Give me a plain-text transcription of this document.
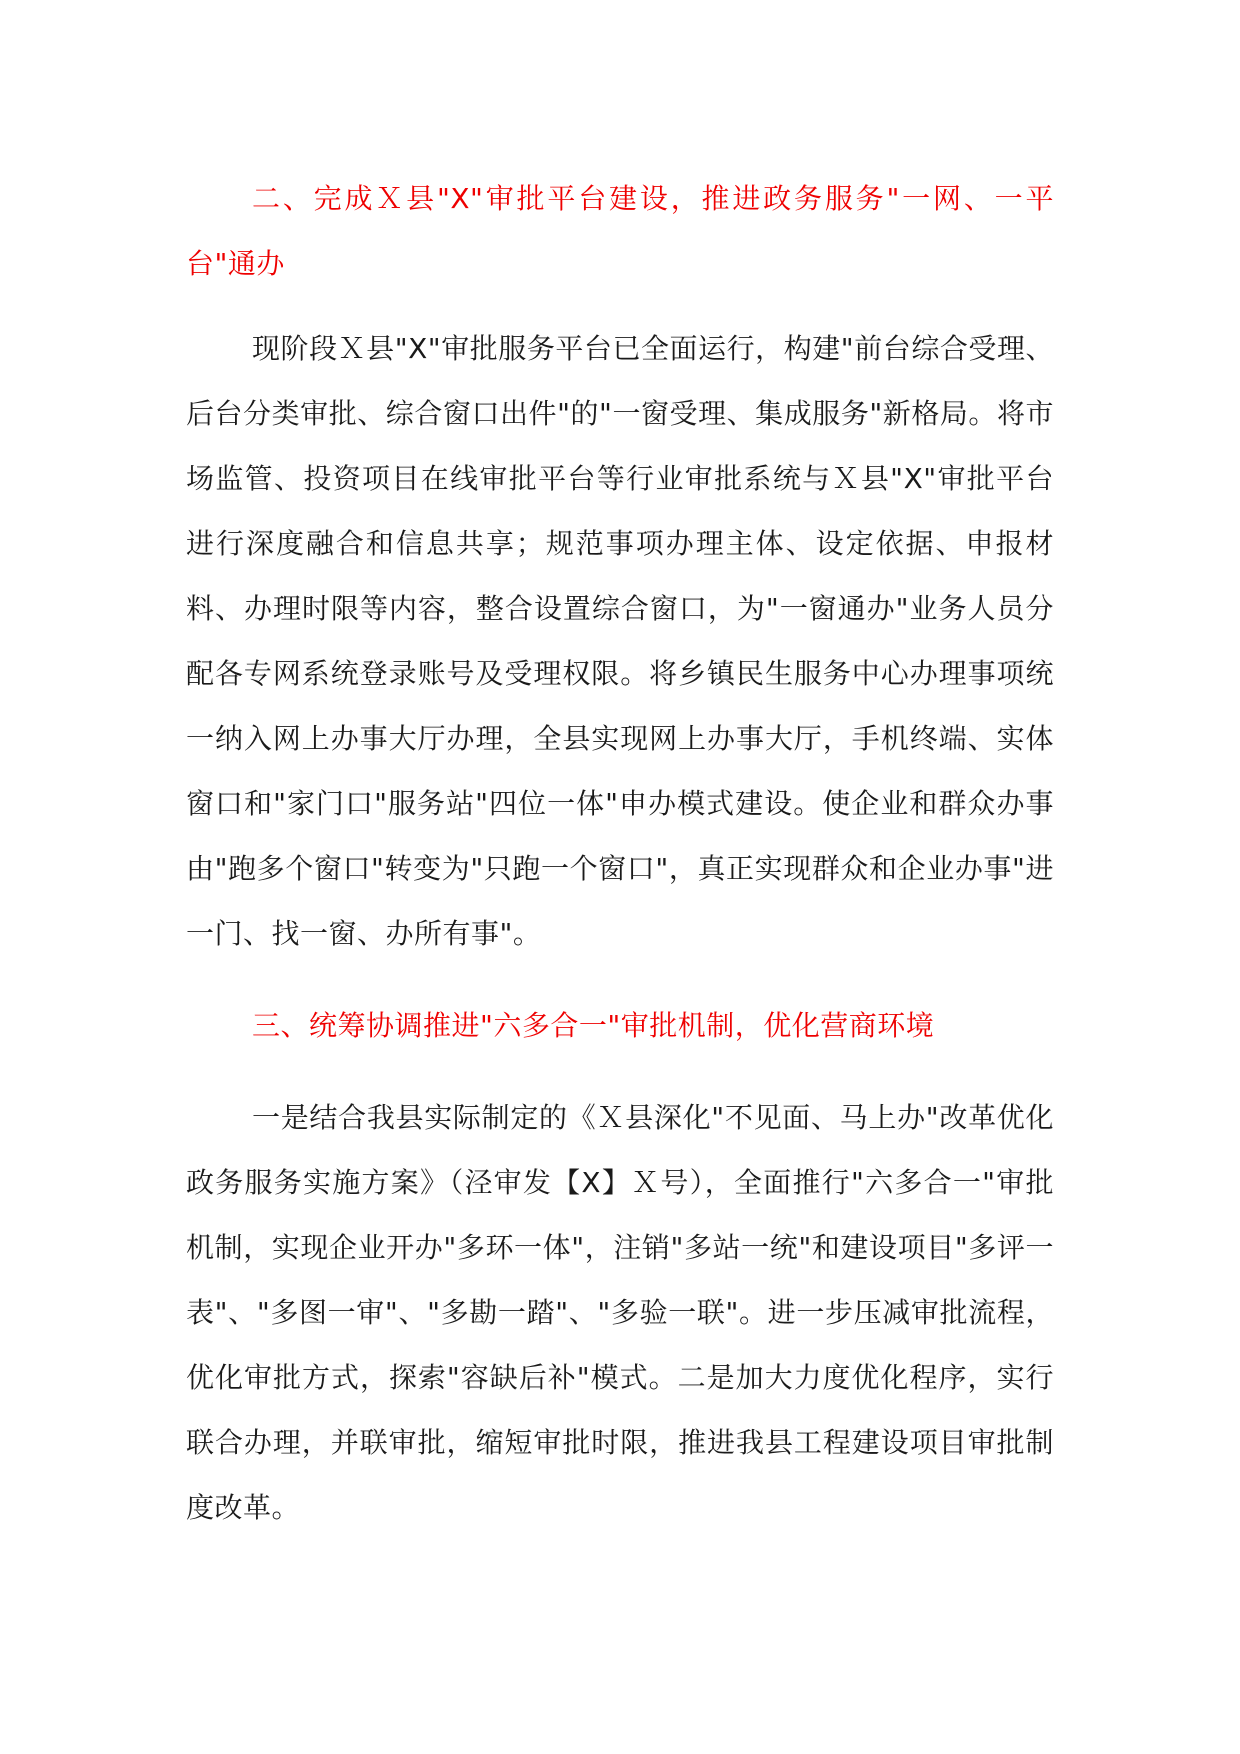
二、完成Ｘ县"X"审批平台建设，推进政务服务"一网、一平台"通办

现阶段Ｘ县"X"审批服务平台已全面运行，构建"前台综合受理、后台分类审批、综合窗口出件"的"一窗受理、集成服务"新格局。将市场监管、投资项目在线审批平台等行业审批系统与Ｘ县"X"审批平台进行深度融合和信息共享；规范事项办理主体、设定依据、申报材料、办理时限等内容，整合设置综合窗口，为"一窗通办"业务人员分配各专网系统登录账号及受理权限。将乡镇民生服务中心办理事项统一纳入网上办事大厅办理，全县实现网上办事大厅，手机终端、实体窗口和"家门口"服务站"四位一体"申办模式建设。使企业和群众办事由"跑多个窗口"转变为"只跑一个窗口"，真正实现群众和企业办事"进一门、找一窗、办所有事"。

三、统筹协调推进"六多合一"审批机制，优化营商环境

一是结合我县实际制定的《Ｘ县深化"不见面、马上办"改革优化政务服务实施方案》（泾审发【X】Ｘ号），全面推行"六多合一"审批机制，实现企业开办"多环一体"，注销"多站一统"和建设项目"多评一表"、"多图一审"、"多勘一踏"、"多验一联"。进一步压减审批流程，优化审批方式，探索"容缺后补"模式。二是加大力度优化程序，实行联合办理，并联审批，缩短审批时限，推进我县工程建设项目审批制度改革。
